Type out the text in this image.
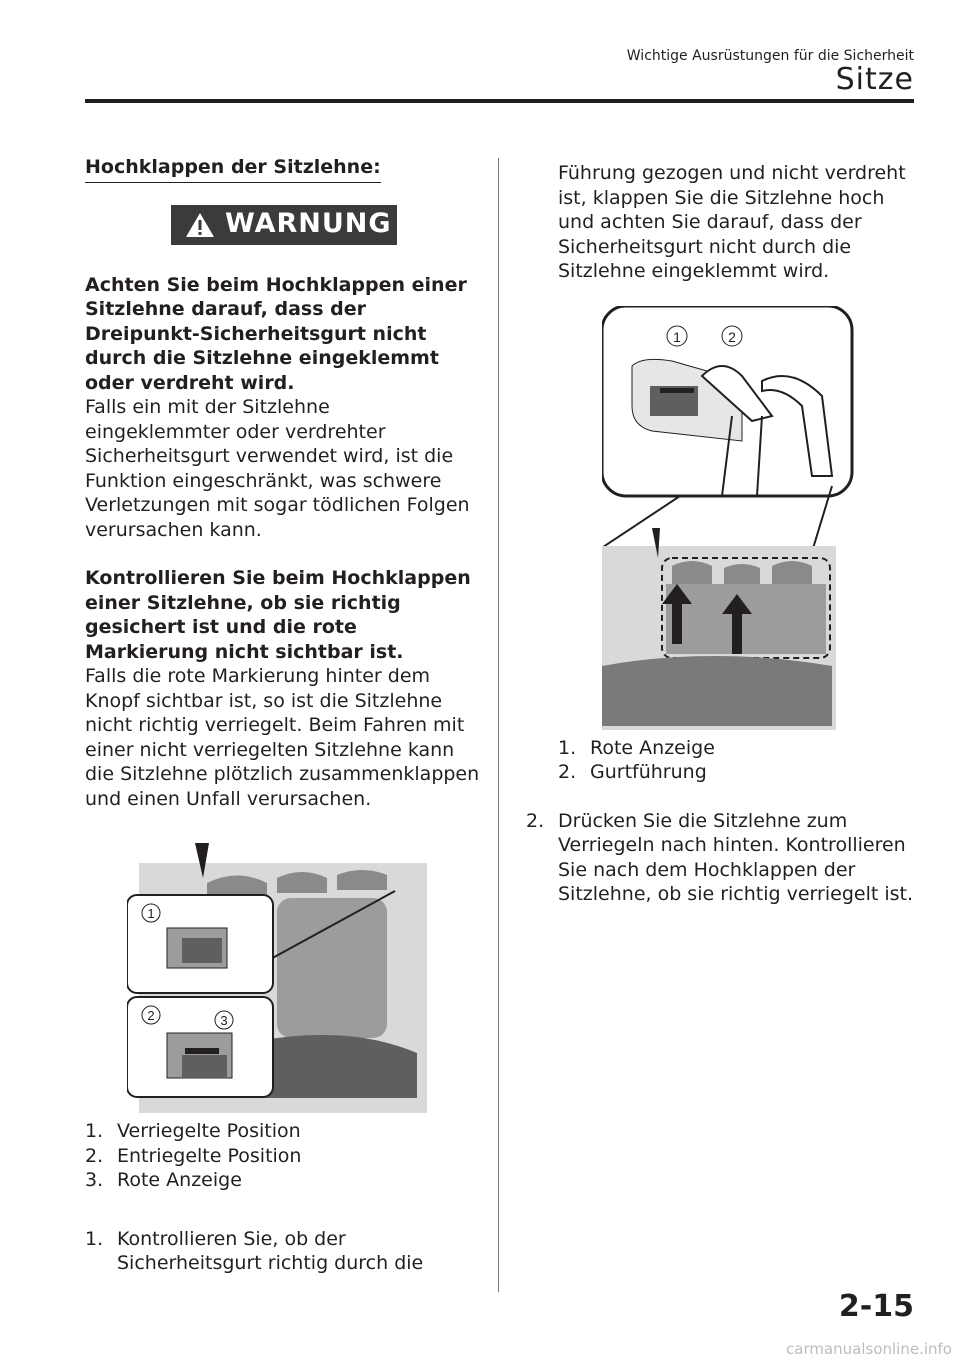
Wichtige Ausrüstungen für die Sicherheit
Sitze
Hochklappen der Sitzlehne:
WARNUNG

Achten Sie beim Hochklappen einer Sitzlehne darauf, dass der Dreipunkt-Sicherheitsgurt nicht durch die Sitzlehne eingeklemmt oder verdreht wird.

Falls ein mit der Sitzlehne eingeklemmter oder verdrehter Sicherheitsgurt verwendet wird, ist die Funktion eingeschränkt, was schwere Verletzungen mit sogar tödlichen Folgen verursachen kann.

Kontrollieren Sie beim Hochklappen einer Sitzlehne, ob sie richtig gesichert ist und die rote Markierung nicht sichtbar ist.

Falls die rote Markierung hinter dem Knopf sichtbar ist, so ist die Sitzlehne nicht richtig verriegelt. Beim Fahren mit einer nicht verriegelten Sitzlehne kann die Sitzlehne plötzlich zusammenklappen und einen Unfall verursachen.

1
2	3
1. Verriegelte Position
2. Entriegelte Position
3. Rote Anzeige
1. Kontrollieren Sie, ob der Sicherheitsgurt richtig durch die

Führung gezogen und nicht verdreht ist, klappen Sie die Sitzlehne hoch und achten Sie darauf, dass der Sicherheitsgurt nicht durch die Sitzlehne eingeklemmt wird.

1	2
1. Rote Anzeige
2. Gurtführung
2. Drücken Sie die Sitzlehne zum

Verriegeln nach hinten. Kontrollieren Sie nach dem Hochklappen der Sitzlehne, ob sie richtig verriegelt ist.

2-15
carmanualsonline.info
